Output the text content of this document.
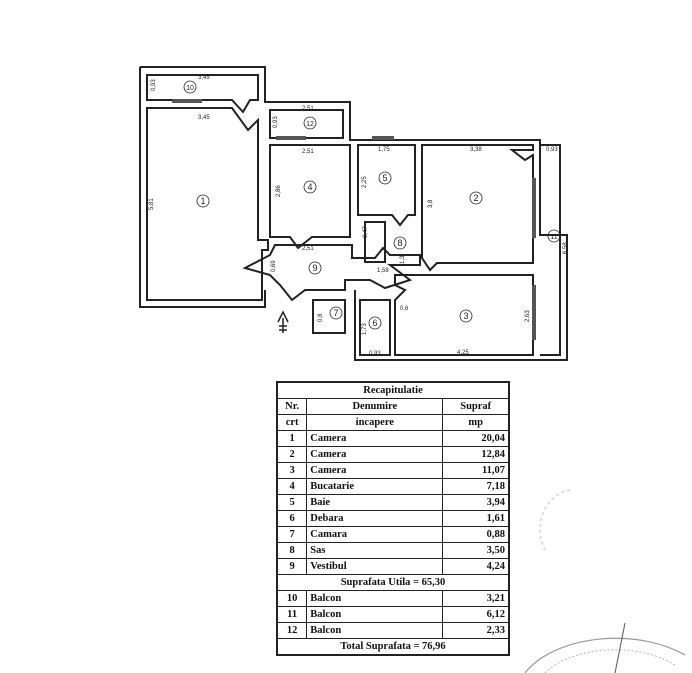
1	2
3
4
5
6
7
8
9
10
11
12
3,45
3,45
0,93
5,81
2,51
0,93
2,51
2,86
2,51
0,69
1,75
2,25
3,38
3,8
0,93
6,58
0,47
1,3
1,58
0,8
0,6
1,73
0,93
2,63
4,25
Recapitulatie		
Nr.	Denumire	Supraf
crt	incapere	mp
1	Camera	20,04
2	Camera	12,84
3	Camera	11,07
4	Bucatarie	7,18
5	Baie	3,94
6	Debara	1,61
7	Camara	0,88
8	Sas	3,50
9	Vestibul	4,24
Suprafata Utila = 65,30		
10	Balcon	3,21
11	Balcon	6,12
12	Balcon	2,33
Total Suprafata = 76,96		
